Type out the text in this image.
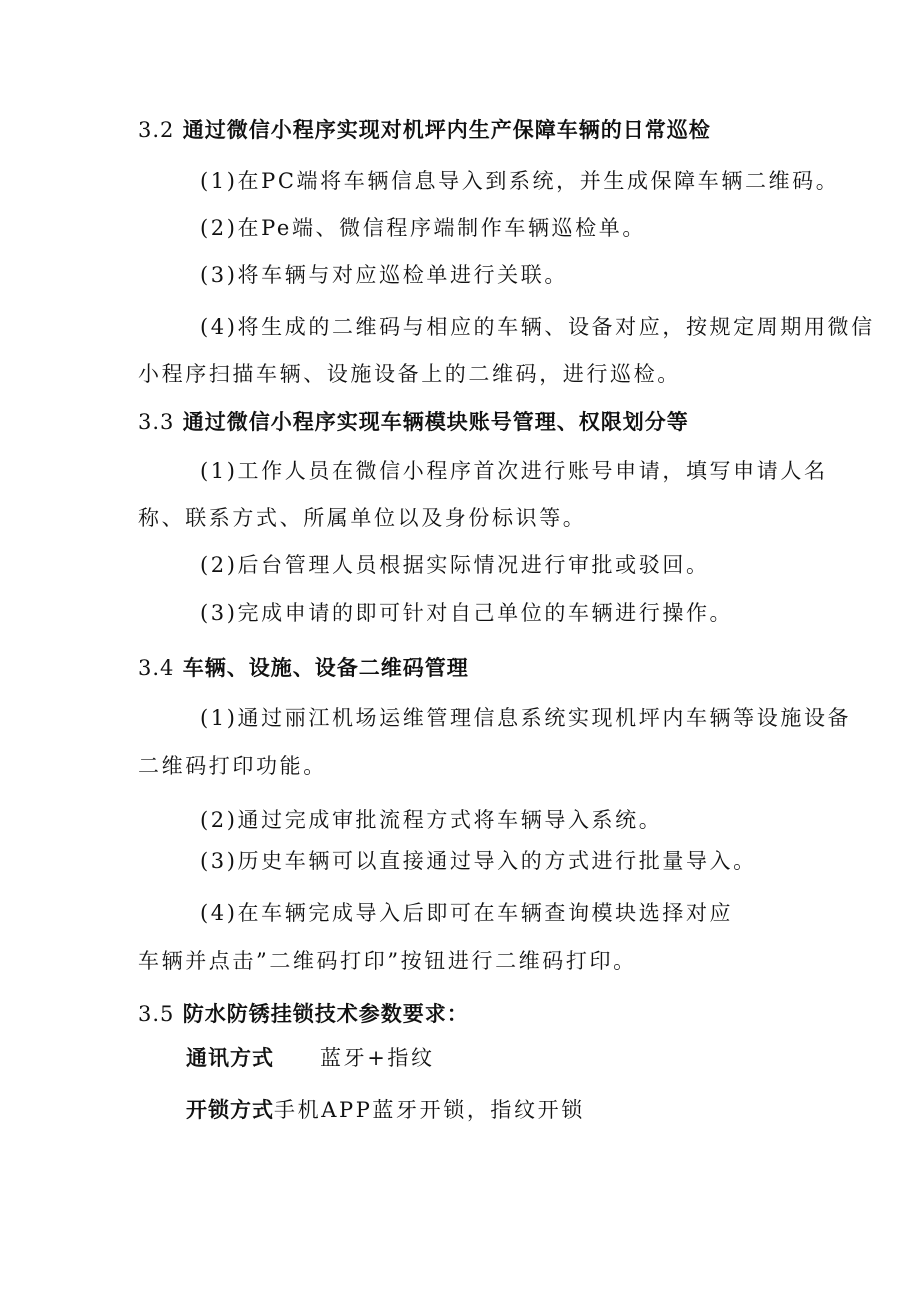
3.2 通过微信小程序实现对机坪内生产保障车辆的日常巡检
(1)在PC端将车辆信息导入到系统，并生成保障车辆二维码。
(2)在Pe端、微信程序端制作车辆巡检单。
(3)将车辆与对应巡检单进行关联。
(4)将生成的二维码与相应的车辆、设备对应，按规定周期用微信
小程序扫描车辆、设施设备上的二维码，进行巡检。
3.3 通过微信小程序实现车辆模块账号管理、权限划分等
(1)工作人员在微信小程序首次进行账号申请，填写申请人名
称、联系方式、所属单位以及身份标识等。
(2)后台管理人员根据实际情况进行审批或驳回。
(3)完成申请的即可针对自己单位的车辆进行操作。
3.4 车辆、设施、设备二维码管理
(1)通过丽江机场运维管理信息系统实现机坪内车辆等设施设备
二维码打印功能。
(2)通过完成审批流程方式将车辆导入系统。
(3)历史车辆可以直接通过导入的方式进行批量导入。
(4)在车辆完成导入后即可在车辆查询模块选择对应
车辆并点击”二维码打印”按钮进行二维码打印。
3.5 防水防锈挂锁技术参数要求：
通讯方式 蓝牙+指纹
开锁方式手机APP蓝牙开锁，指纹开锁
